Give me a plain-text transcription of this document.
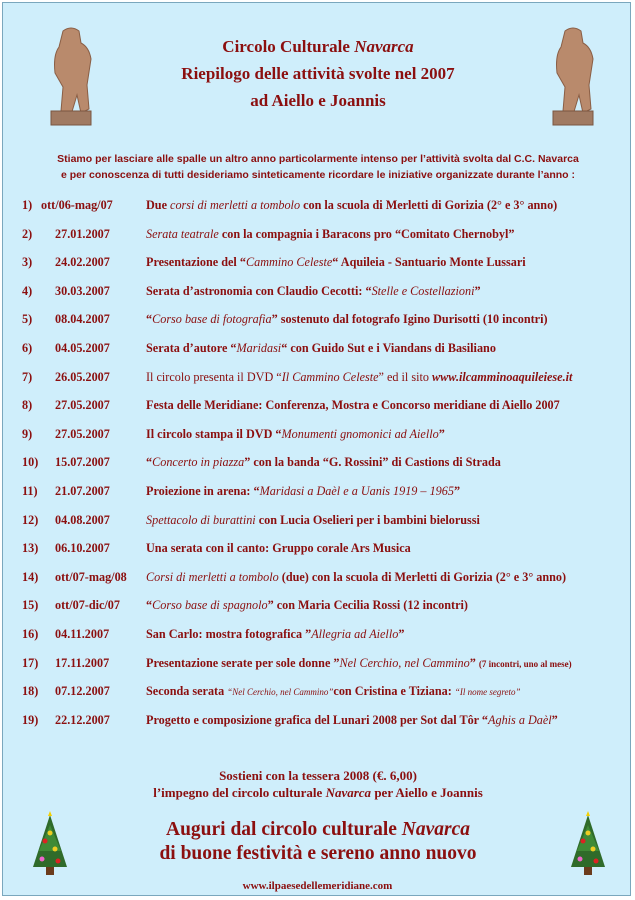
Circolo Culturale Navarca
Riepilogo delle attività svolte nel 2007
ad Aiello e Joannis
Stiamo per lasciare alle spalle un altro anno particolarmente intenso per l’attività svolta dal C.C. Navarca
e per conoscenza di tutti desideriamo sinteticamente ricordare le iniziative organizzate durante l’anno :
1) ott/06-mag/07	Due corsi di merletti a tombolo con la scuola di Merletti di Gorizia (2° e 3° anno)
2) 27.01.2007	Serata teatrale con la compagnia i Baracons pro “Comitato Chernobyl”
3) 24.02.2007	Presentazione del “Cammino Celeste“ Aquileia - Santuario Monte Lussari
4) 30.03.2007	Serata d’astronomia con Claudio Cecotti: “Stelle e Costellazioni”
5) 08.04.2007	“Corso base di fotografia” sostenuto dal fotografo Igino Durisotti (10 incontri)
6) 04.05.2007	Serata d’autore “Maridasi“ con Guido Sut e i Viandans di Basiliano
7) 26.05.2007	Il circolo presenta il DVD “Il Cammino Celeste” ed il sito www.ilcamminoaquileiese.it
8) 27.05.2007	Festa delle Meridiane: Conferenza, Mostra e Concorso meridiane di Aiello 2007
9) 27.05.2007	Il circolo stampa il DVD “Monumenti gnomonici ad Aiello”
10) 15.07.2007	“Concerto in piazza” con la banda “G. Rossini” di Castions di Strada
11) 21.07.2007	Proiezione in arena: “Maridasi a Daèl e a Uanis 1919 – 1965”
12) 04.08.2007	Spettacolo di burattini con Lucia Oselieri per i bambini bielorussi
13) 06.10.2007	Una serata con il canto: Gruppo corale Ars Musica
14) ott/07-mag/08 Corsi di merletti a tombolo (due) con la scuola di Merletti di Gorizia (2° e 3° anno)
15) ott/07-dic/07 “Corso base di spagnolo” con Maria Cecilia Rossi (12 incontri)
16) 04.11.2007	San Carlo: mostra fotografica ”Allegria ad Aiello”
17) 17.11.2007	Presentazione serate per sole donne ”Nel Cerchio, nel Cammino” (7 incontri, uno al mese)
18) 07.12.2007	Seconda serata “Nel Cerchio, nel Cammino”con Cristina e Tiziana: “Il nome segreto”
19) 22.12.2007	Progetto e composizione grafica del Lunari 2008 per Sot dal Tôr “Aghis a Daèl”
Sostieni con la tessera 2008 (€. 6,00)
l’impegno del circolo culturale Navarca per Aiello e Joannis
Auguri dal circolo culturale Navarca
di buone festività e sereno anno nuovo
www.ilpaesedellemeridiane.com
